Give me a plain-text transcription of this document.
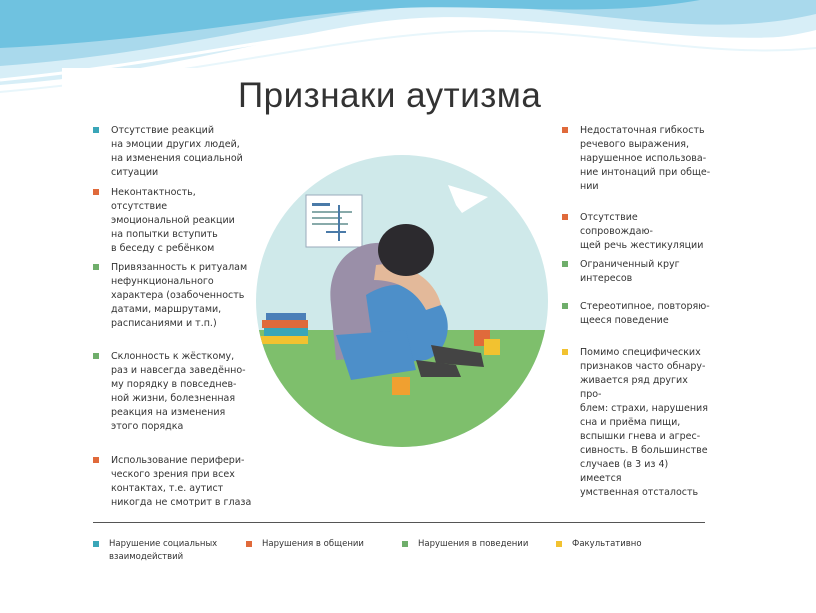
Признаки аутизма
Отсутствие реакций
на эмоции других людей,
на изменения социальной
ситуации
Неконтактность, отсутствие
эмоциональной реакции
на попытки вступить
в беседу с ребёнком
Привязанность к ритуалам
нефункционального
характера (озабоченность
датами, маршрутами,
расписаниями и т.п.)
Склонность к жёсткому,
раз и навсегда заведённо-
му порядку в повседнев-
ной жизни, болезненная
реакция на изменения
этого порядка
Использование перифери-
ческого зрения при всех
контактах, т.е. аутист
никогда не смотрит в глаза
Недостаточная гибкость
речевого выражения,
нарушенное использова-
ние интонаций при обще-
нии
Отсутствие сопровождаю-
щей речь жестикуляции
Ограниченный круг
интересов
Стереотипное, повторяю-
щееся поведение
Помимо специфических
признаков часто обнару-
живается ряд других про-
блем: страхи, нарушения
сна и приёма пищи,
вспышки гнева и агрес-
сивность. В большинстве
случаев (в 3 из 4) имеется
умственная отсталость
Нарушение социальных
взаимодействий
Нарушения в общении	Нарушения в поведении	Факультативно
